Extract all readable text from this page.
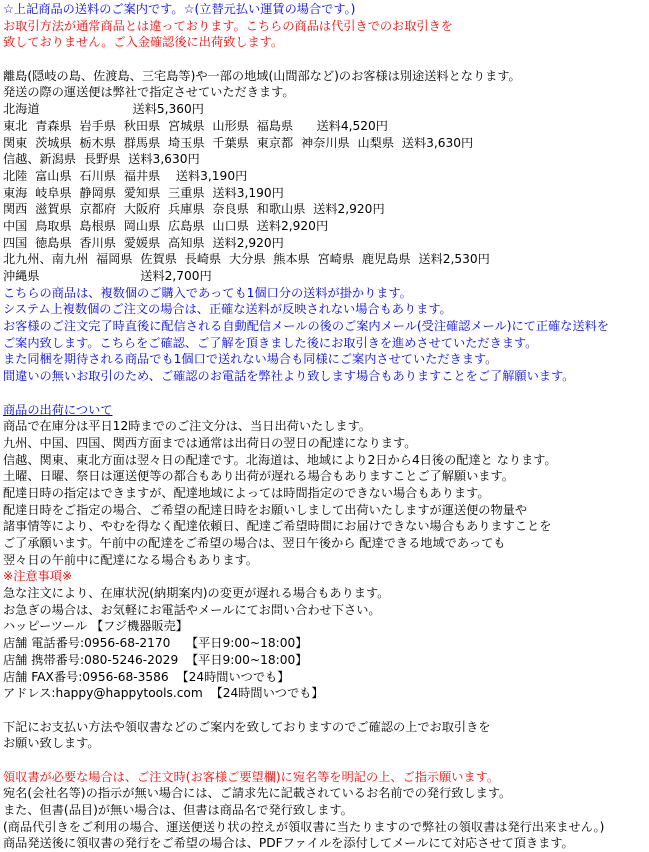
☆上記商品の送料のご案内です。☆(立替元払い運賃の場合です。)
お取引方法が通常商品とは違っております。こちらの商品は代引きでのお取引きを
致しておりません。ご入金確認後に出荷致します。
離島(隠岐の島、佐渡島、三宅島等)や一部の地域(山間部など)のお客様は別途送料となります。
発送の際の運送便は弊社で指定させていただきます。
北海道                        送料5,360円
東北  青森県  岩手県  秋田県  宮城県  山形県  福島県      送料4,520円
関東  茨城県  栃木県  群馬県  埼玉県  千葉県  東京都  神奈川県  山梨県  送料3,630円
信越、新潟県  長野県  送料3,630円
北陸  富山県  石川県  福井県    送料3,190円
東海  岐阜県  静岡県  愛知県  三重県  送料3,190円
関西  滋賀県  京都府  大阪府  兵庫県  奈良県  和歌山県  送料2,920円
中国  鳥取県  島根県  岡山県  広島県  山口県  送料2,920円
四国  徳島県  香川県  愛媛県  高知県  送料2,920円
北九州、南九州  福岡県  佐賀県  長崎県  大分県  熊本県  宮崎県  鹿児島県  送料2,530円
沖縄県                          送料2,700円
こちらの商品は、複数個のご購入であっても1個口分の送料が掛かります。
システム上複数個のご注文の場合は、正確な送料が反映されない場合もあります。
お客様のご注文完了時直後に配信される自動配信メールの後のご案内メール(受注確認メール)にて正確な送料を
ご案内致します。こちらをご確認、ご了解を頂きました後にお取引きを進めさせていただきます。
また同梱を期待される商品でも1個口で送れない場合も同様にご案内させていただきます。
間違いの無いお取引のため、ご確認のお電話を弊社より致します場合もありますことをご了解願います。
商品の出荷について
商品で在庫分は平日12時までのご注文分は、当日出荷いたします。
九州、中国、四国、関西方面までは通常は出荷日の翌日の配達になります。
信越、関東、東北方面は翌々日の配達です。北海道は、地域により2日から4日後の配達と なります。
土曜、日曜、祭日は運送便等の都合もあり出荷が遅れる場合もありますことご了解願います。
配達日時の指定はできますが、配達地域によっては時間指定のできない場合もあります。
配達日時をご指定の場合、ご希望の配達日時をお願いしまして出荷いたしますが運送便の物量や
諸事情等により、やむを得なく配達依頼日、配達ご希望時間にお届けできない場合もありますことを
ご了承願います。午前中の配達をご希望の場合は、翌日午後から 配達できる地域であっても
翌々日の午前中に配達になる場合もあります。
※注意事項※
急な注文により、在庫状況(納期案内)の変更が遅れる場合もあります。
お急ぎの場合は、お気軽にお電話やメールにてお問い合わせ下さい。
ハッピーツール 【フジ機器販売】
店舗 電話番号:0956-68-2170    【平日9:00~18:00】
店舗 携帯番号:080-5246-2029  【平日9:00~18:00】
店舗 FAX番号:0956-68-3586  【24時間いつでも】
アドレス:happy@happytools.com  【24時間いつでも】
下記にお支払い方法や領収書などのご案内を致しておりますのでご確認の上でお取引きを
お願い致します。
領収書が必要な場合は、ご注文時(お客様ご要望欄)に宛名等を明記の上、ご指示願います。
宛名(会社名等)の指示が無い場合には、ご請求先に記載されているお名前での発行致します。
また、但書(品目)が無い場合は、但書は商品名で発行致します。
(商品代引きをご利用の場合、運送便送り状の控えが領収書に当たりますので弊社の領収書は発行出来ません。)
商品発送後に領収書の発行をご希望の場合は、PDFファイルを添付してメールにて対応させて頂きます。
